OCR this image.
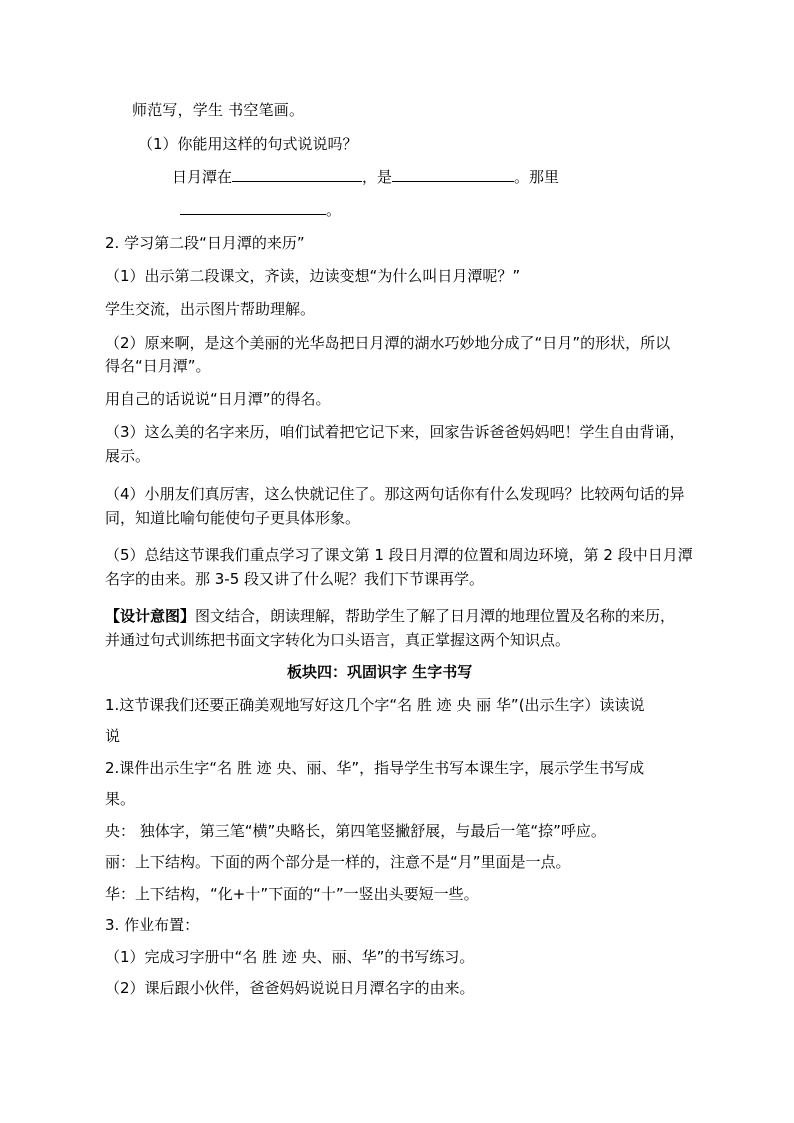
师范写，学生 书空笔画。
（1）你能用这样的句式说说吗？
日月潭在	，是	。那里
。
2. 学习第二段“日月潭的来历”
（1）出示第二段课文，齐读，边读变想“为什么叫日月潭呢？”
学生交流，出示图片帮助理解。
（2）原来啊，是这个美丽的光华岛把日月潭的湖水巧妙地分成了“日月”的形状，所以
得名“日月潭”。
用自己的话说说“日月潭”的得名。
（3）这么美的名字来历，咱们试着把它记下来，回家告诉爸爸妈妈吧！学生自由背诵，
展示。
（4）小朋友们真厉害，这么快就记住了。那这两句话你有什么发现吗？比较两句话的异
同，知道比喻句能使句子更具体形象。
（5）总结这节课我们重点学习了课文第 1 段日月潭的位置和周边环境，第 2 段中日月潭
名字的由来。那 3-5 段又讲了什么呢？我们下节课再学。
【设计意图】图文结合，朗读理解，帮助学生了解了日月潭的地理位置及名称的来历，
并通过句式训练把书面文字转化为口头语言，真正掌握这两个知识点。
板块四：巩固识字 生字书写
1.这节课我们还要正确美观地写好这几个字“名 胜 迹 央 丽 华”(出示生字）读读说
说
2.课件出示生字“名 胜 迹 央、丽、华”，指导学生书写本课生字，展示学生书写成
果。
央： 独体字，第三笔“横”央略长，第四笔竖撇舒展，与最后一笔“捺”呼应。
丽：上下结构。下面的两个部分是一样的，注意不是“月”里面是一点。
华：上下结构，“化+十”下面的“十”一竖出头要短一些。
3. 作业布置：
（1）完成习字册中“名 胜 迹 央、丽、华”的书写练习。
（2）课后跟小伙伴，爸爸妈妈说说日月潭名字的由来。
